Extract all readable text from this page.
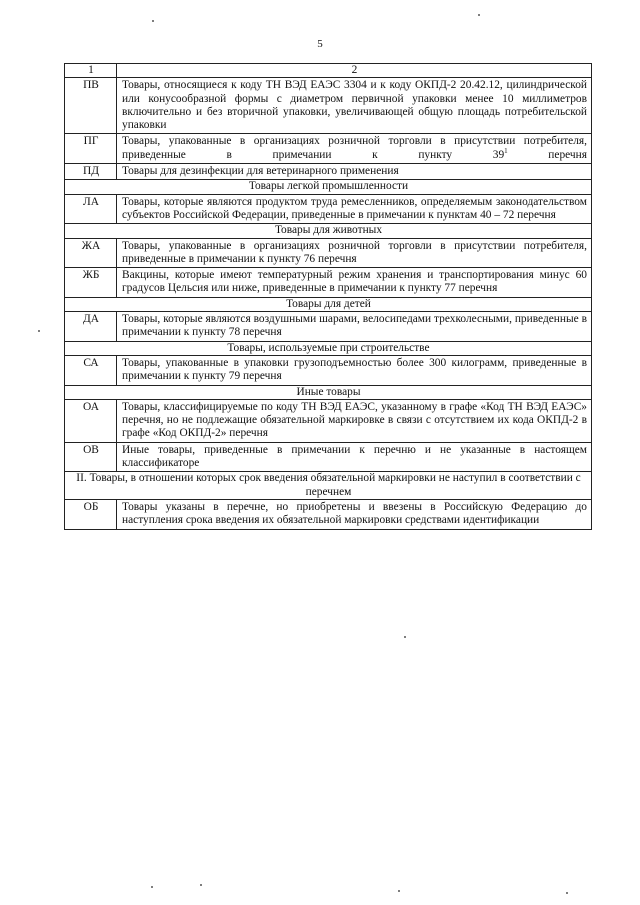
5
1	2
ПВ	Товары, относящиеся к коду ТН ВЭД ЕАЭС 3304 и к коду ОКПД-2 20.42.12, цилиндрической или конусообразной формы с диаметром первичной упаковки менее 10 миллиметров включительно и без вторичной упаковки, увеличивающей общую площадь потребительской упаковки
ПГ	Товары, упакованные в организациях розничной торговли в присутствии потребителя, приведенные в примечании к пункту $39^1$ перечня
ПД	Товары для дезинфекции для ветеринарного применения
Товары легкой промышленности	
ЛА	Товары, которые являются продуктом труда ремесленников, определяемым законодательством субъектов Российской Федерации, приведенные в примечании к пунктам 40 – 72 перечня
Товары для животных	
ЖА	Товары, упакованные в организациях розничной торговли в присутствии потребителя, приведенные в примечании к пункту 76 перечня
ЖБ	Вакцины, которые имеют температурный режим хранения и транспортирования минус 60 градусов Цельсия или ниже, приведенные в примечании к пункту 77 перечня
Товары для детей	
ДА	Товары, которые являются воздушными шарами, велосипедами трехколесными, приведенные в примечании к пункту 78 перечня
Товары, используемые при строительстве	
СА	Товары, упакованные в упаковки грузоподъемностью более 300 килограмм, приведенные в примечании к пункту 79 перечня
Иные товары	
ОА	Товары, классифицируемые по коду ТН ВЭД ЕАЭС, указанному в графе «Код ТН ВЭД ЕАЭС» перечня, но не подлежащие обязательной маркировке в связи с отсутствием их кода ОКПД-2 в графе «Код ОКПД-2» перечня
ОВ	Иные товары, приведенные в примечании к перечню и не указанные в настоящем классификаторе
II. Товары, в отношении которых срок введения обязательной маркировки не наступил в соответствии с перечнем	
ОБ	Товары указаны в перечне, но приобретены и ввезены в Российскую Федерацию до наступления срока введения их обязательной маркировки средствами идентификации
